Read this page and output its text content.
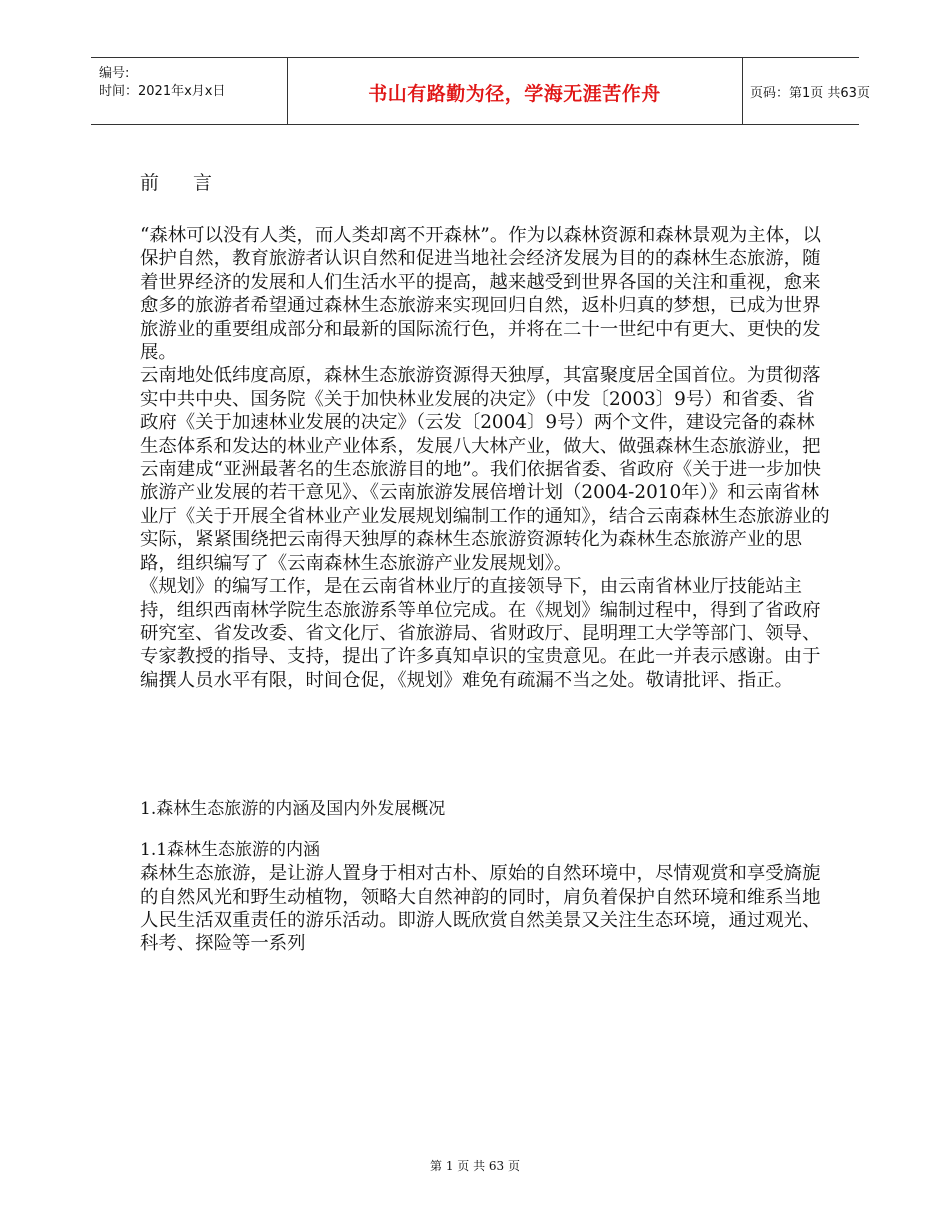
编号:
时间：2021年x月x日	书山有路勤为径，学海无涯苦作舟	页码：第1页 共63页
前言

“森林可以没有人类，而人类却离不开森林”。作为以森林资源和森林景观为主体，以保护自然，教育旅游者认识自然和促进当地社会经济发展为目的的森林生态旅游，随着世界经济的发展和人们生活水平的提高，越来越受到世界各国的关注和重视，愈来愈多的旅游者希望通过森林生态旅游来实现回归自然，返朴归真的梦想，已成为世界旅游业的重要组成部分和最新的国际流行色，并将在二十一世纪中有更大、更快的发展。

云南地处低纬度高原，森林生态旅游资源得天独厚，其富聚度居全国首位。为贯彻落实中共中央、国务院《关于加快林业发展的决定》（中发〔2003〕9号）和省委、省政府《关于加速林业发展的决定》（云发〔2004〕9号）两个文件，建设完备的森林生态体系和发达的林业产业体系，发展八大林产业，做大、做强森林生态旅游业，把云南建成“亚洲最著名的生态旅游目的地”。我们依据省委、省政府《关于进一步加快旅游产业发展的若干意见》、《云南旅游发展倍增计划（2004-2010年）》和云南省林业厅《关于开展全省林业产业发展规划编制工作的通知》，结合云南森林生态旅游业的实际，紧紧围绕把云南得天独厚的森林生态旅游资源转化为森林生态旅游产业的思路，组织编写了《云南森林生态旅游产业发展规划》。

《规划》的编写工作，是在云南省林业厅的直接领导下，由云南省林业厅技能站主持，组织西南林学院生态旅游系等单位完成。在《规划》编制过程中，得到了省政府研究室、省发改委、省文化厅、省旅游局、省财政厅、昆明理工大学等部门、领导、专家教授的指导、支持，提出了许多真知卓识的宝贵意见。在此一并表示感谢。由于编撰人员水平有限，时间仓促，《规划》难免有疏漏不当之处。敬请批评、指正。

1.森林生态旅游的内涵及国内外发展概况
1.1森林生态旅游的内涵

森林生态旅游，是让游人置身于相对古朴、原始的自然环境中，尽情观赏和享受旖旎的自然风光和野生动植物，领略大自然神韵的同时，肩负着保护自然环境和维系当地人民生活双重责任的游乐活动。即游人既欣赏自然美景又关注生态环境，通过观光、科考、探险等一系列

第 1 页 共 63 页
